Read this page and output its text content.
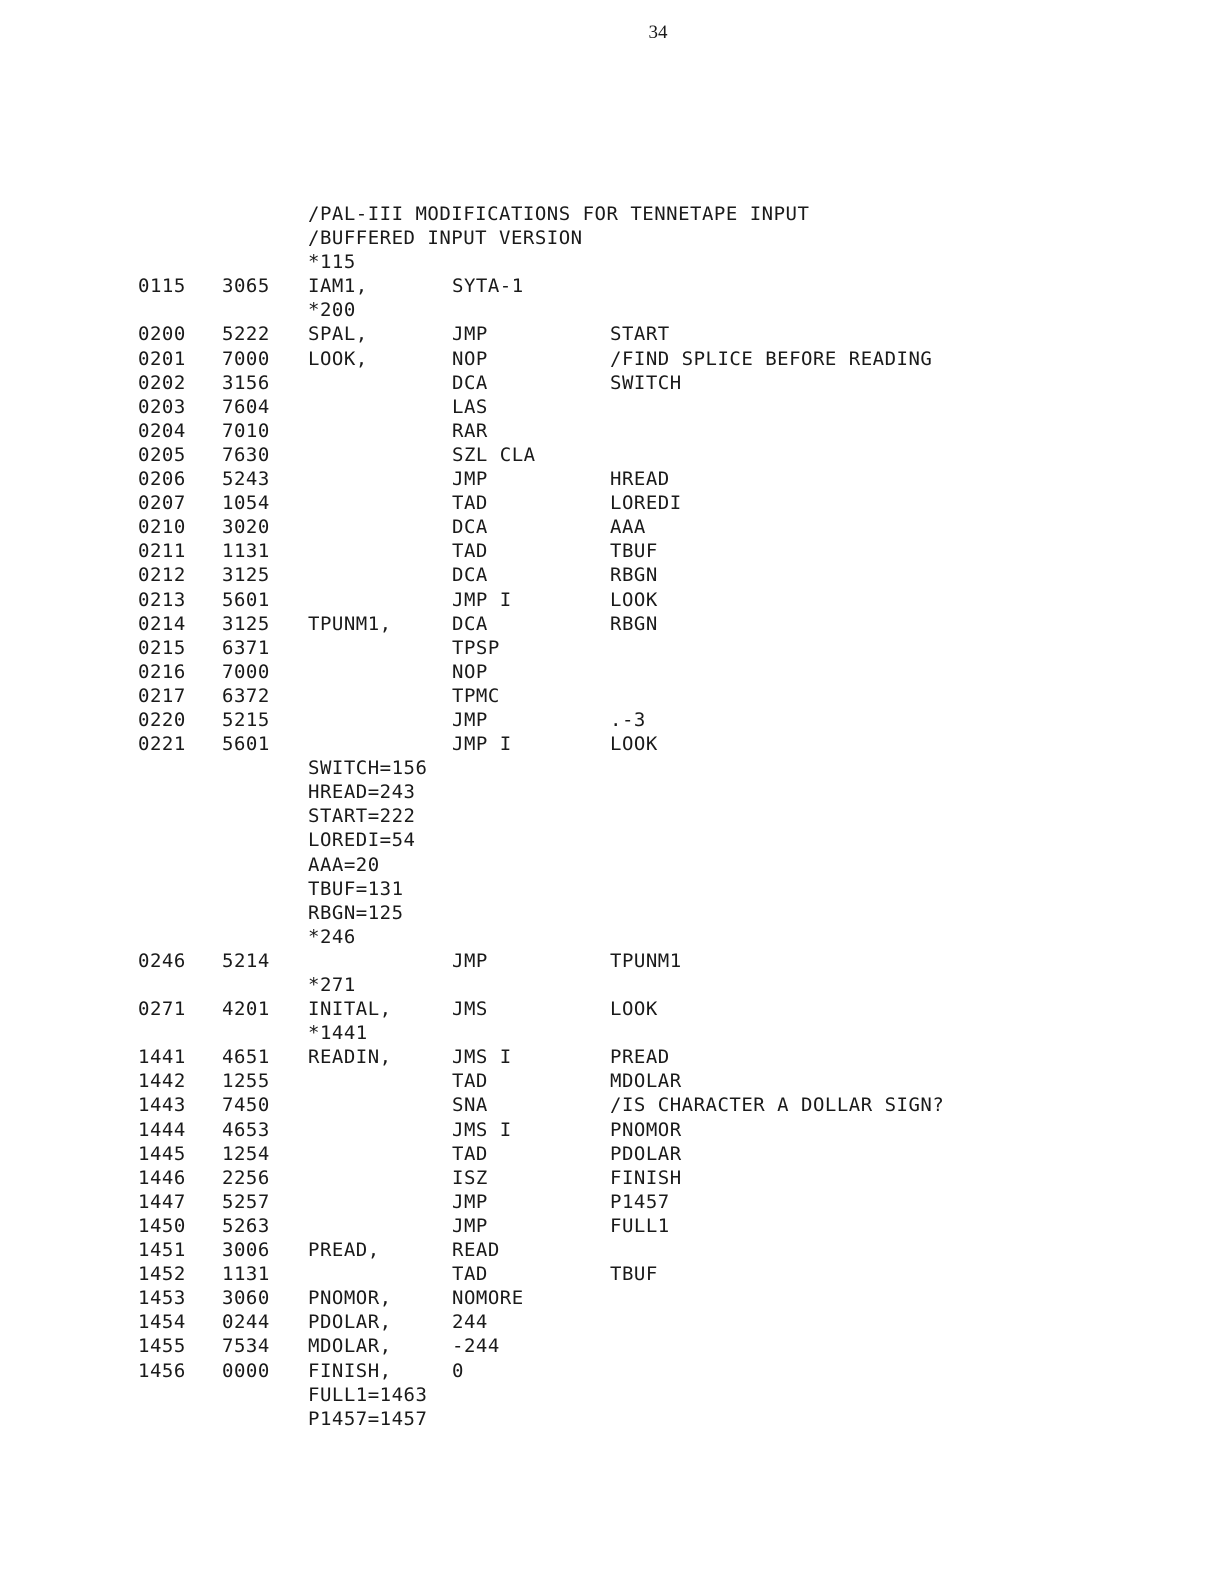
34
/PAL-III MODIFICATIONS FOR TENNETAPE INPUT
/BUFFERED INPUT VERSION
*115
0115 3065 IAM1,	SYTA-1
*200
0200 5222 SPAL,	JMP	START
0201 7000 LOOK,	NOP	/FIND SPLICE BEFORE READING
0202 3156	DCA	SWITCH
0203 7604	LAS
0204 7010	RAR
0205 7630	SZL CLA
0206 5243	JMP	HREAD
0207 1054	TAD	LOREDI
0210 3020	DCA	AAA
0211 1131	TAD	TBUF
0212 3125	DCA	RBGN
0213 5601	JMP I	LOOK
0214 3125 TPUNM1,	DCA	RBGN
0215 6371	TPSP
0216 7000	NOP
0217 6372	TPMC
0220 5215	JMP	.-3
0221 5601	JMP I	LOOK
SWITCH=156
HREAD=243
START=222
LOREDI=54
AAA=20
TBUF=131
RBGN=125
*246
0246 5214	JMP	TPUNM1
*271
0271 4201 INITAL,	JMS	LOOK
*1441
1441 4651 READIN,	JMS I	PREAD
1442 1255	TAD	MDOLAR
1443 7450	SNA	/IS CHARACTER A DOLLAR SIGN?
1444 4653	JMS I	PNOMOR
1445 1254	TAD	PDOLAR
1446 2256	ISZ	FINISH
1447 5257	JMP	P1457
1450 5263	JMP	FULL1
1451 3006 PREAD,	READ
1452 1131	TAD	TBUF
1453 3060 PNOMOR,	NOMORE
1454 0244 PDOLAR,	244
1455 7534 MDOLAR,	-244
1456 0000 FINISH,	0
FULL1=1463
P1457=1457
